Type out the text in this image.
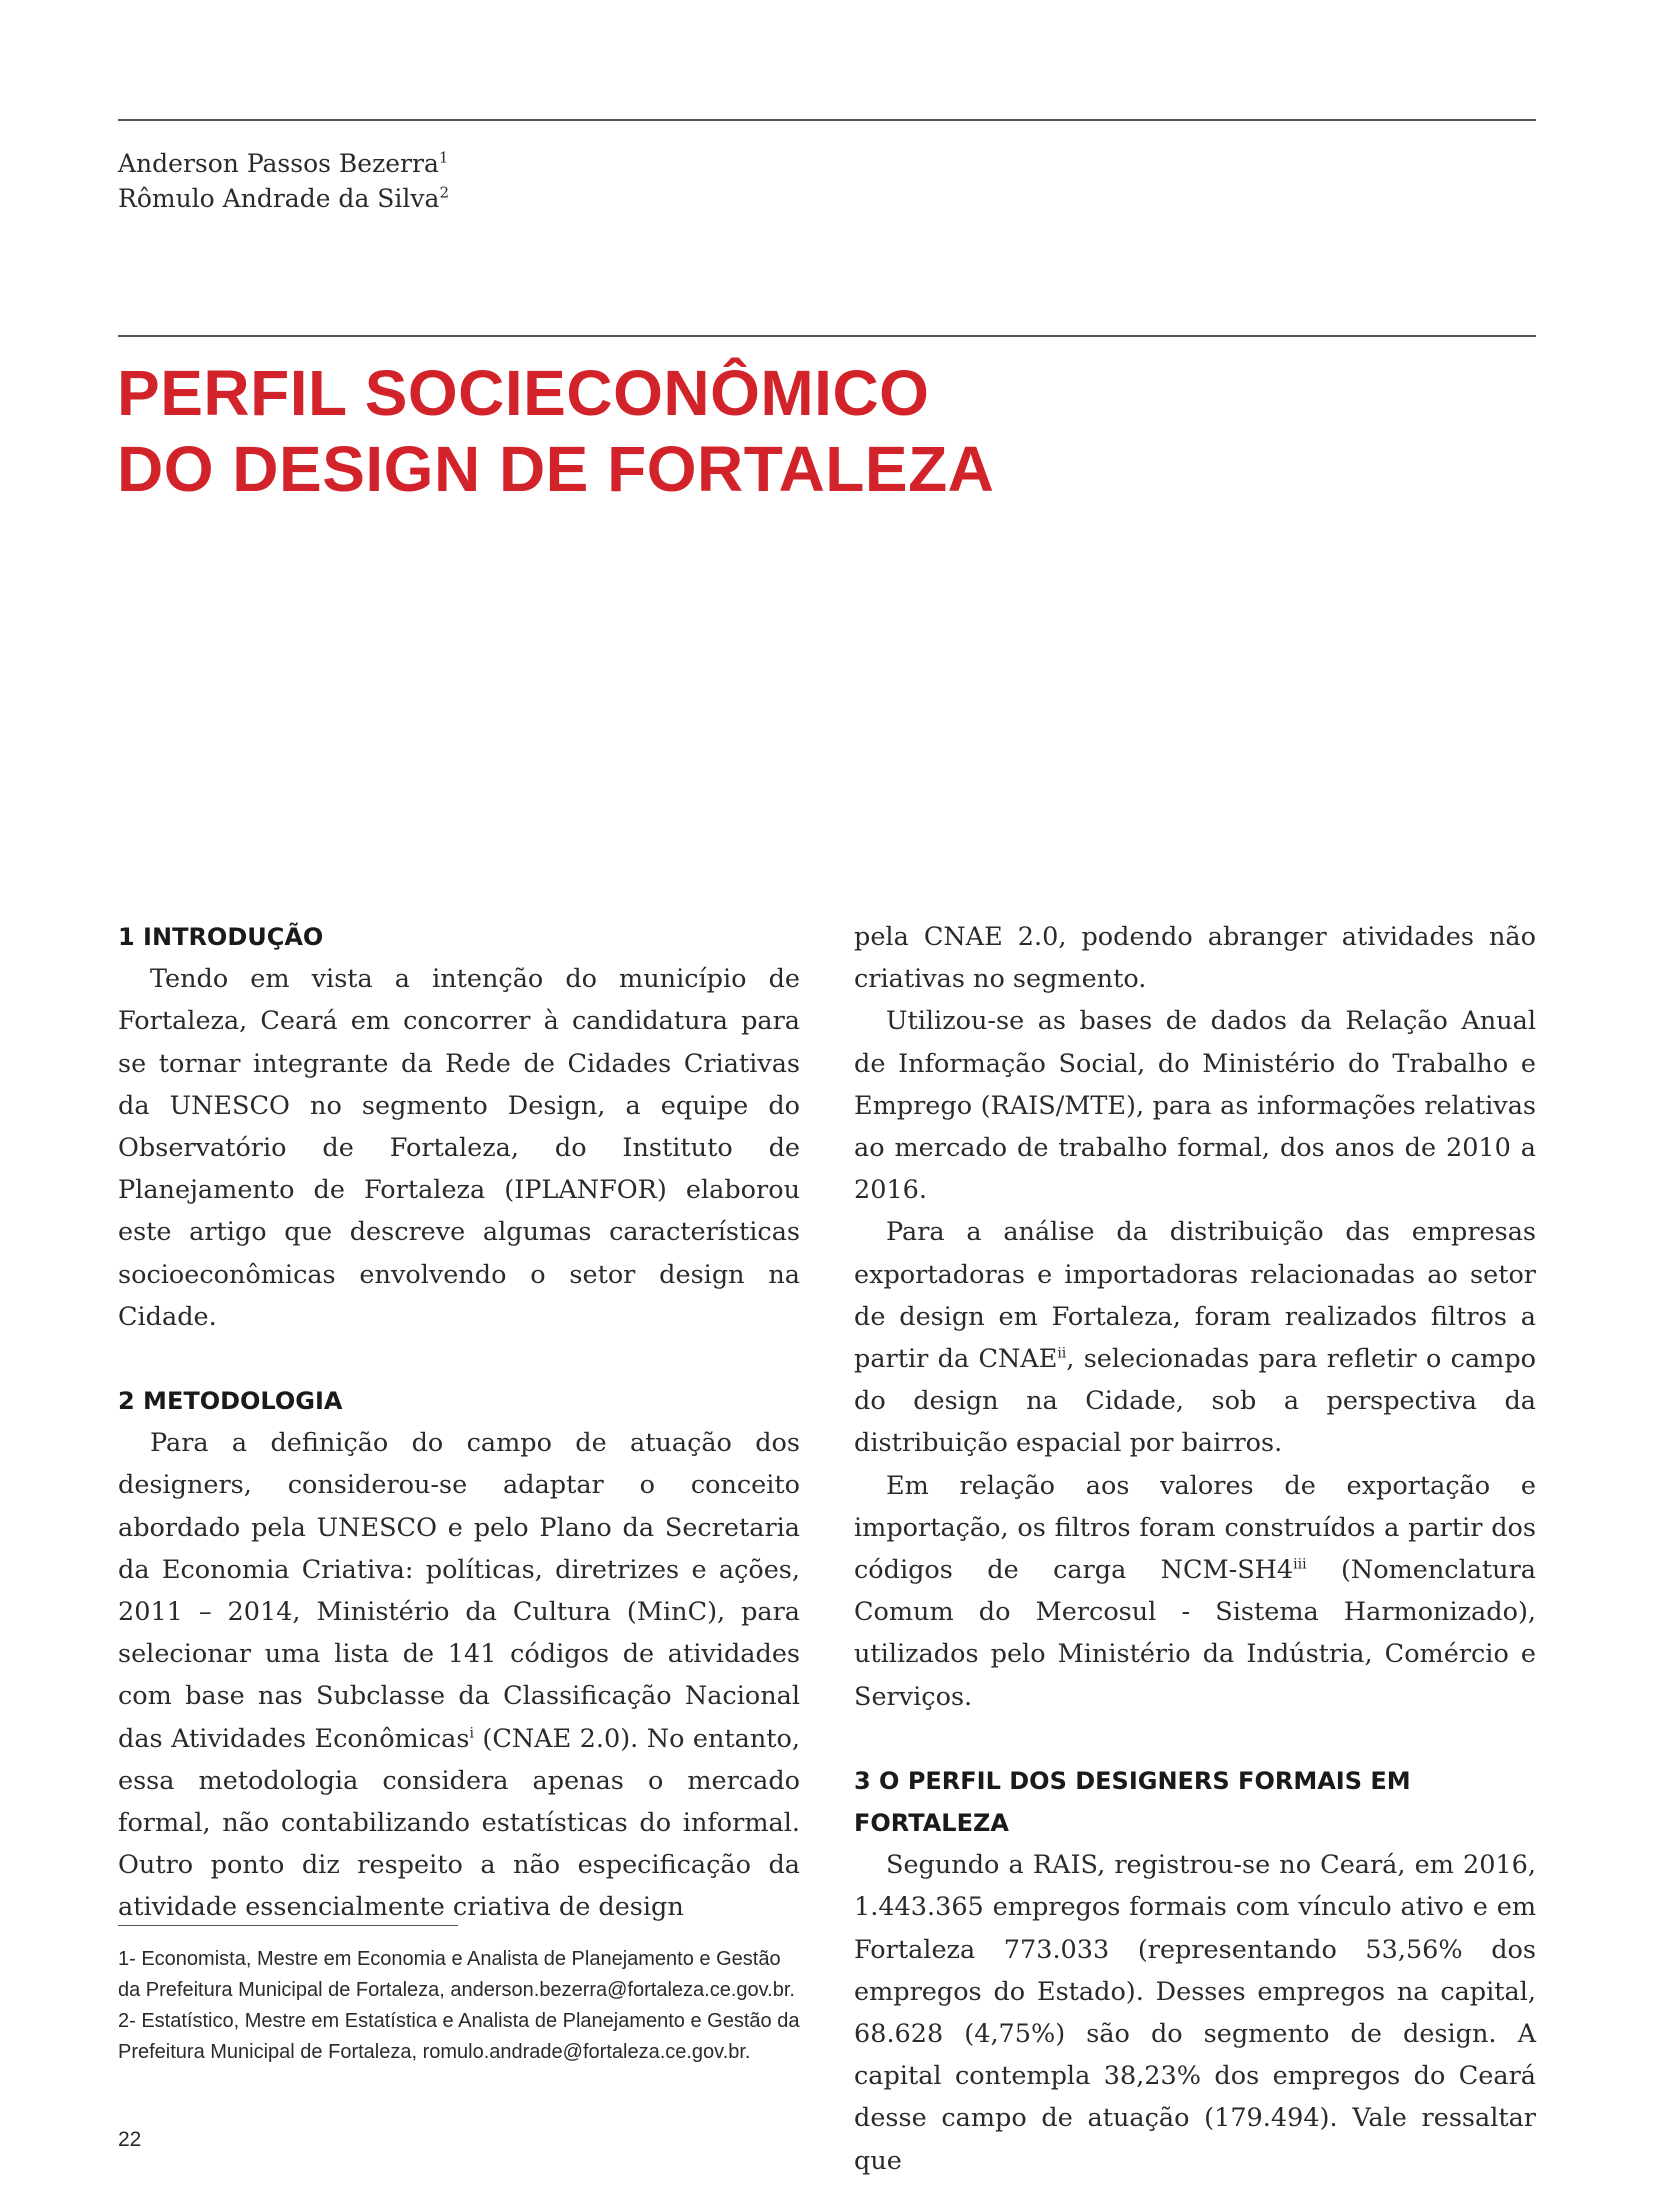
Anderson Passos Bezerra$^1$
Rômulo Andrade da Silva$^2$
PERFIL SOCIECONÔMICO
DO DESIGN DE FORTALEZA
1 INTRODUÇÃO

Tendo em vista a intenção do município de Fortaleza, Ceará em concorrer à candidatura para se tornar integrante da Rede de Cidades Criativas da UNESCO no segmento Design, a equipe do Observatório de Fortaleza, do Instituto de Planejamento de Fortaleza (IPLANFOR) elaborou este artigo que descreve algumas características socioeconômicas envolvendo o setor design na Cidade.

2 METODOLOGIA

Para a definição do campo de atuação dos designers, considerou-se adaptar o conceito abordado pela UNESCO e pelo Plano da Secretaria da Economia Criativa: políticas, diretrizes e ações, 2011 – 2014, Ministério da Cultura (MinC), para selecionar uma lista de 141 códigos de atividades com base nas Subclasse da Classificação Nacional das Atividades Econômicas$^i$ (CNAE 2.0). No entanto, essa metodologia considera apenas o mercado formal, não contabilizando estatísticas do informal. Outro ponto diz respeito a não especificação da atividade essencialmente criativa de design

pela CNAE 2.0, podendo abranger atividades não criativas no segmento.

Utilizou-se as bases de dados da Relação Anual de Informação Social, do Ministério do Trabalho e Emprego (RAIS/MTE), para as informações relativas ao mercado de trabalho formal, dos anos de 2010 a 2016.

Para a análise da distribuição das empresas exportadoras e importadoras relacionadas ao setor de design em Fortaleza, foram realizados filtros a partir da CNAE$^{ii}$, selecionadas para refletir o campo do design na Cidade, sob a perspectiva da distribuição espacial por bairros.

Em relação aos valores de exportação e importação, os filtros foram construídos a partir dos códigos de carga NCM-SH4$^{iii}$ (Nomenclatura Comum do Mercosul - Sistema Harmonizado), utilizados pelo Ministério da Indústria, Comércio e Serviços.

3 O PERFIL DOS DESIGNERS FORMAIS EM
FORTALEZA

Segundo a RAIS, registrou-se no Ceará, em 2016, 1.443.365 empregos formais com vínculo ativo e em Fortaleza 773.033 (representando 53,56% dos empregos do Estado). Desses empregos na capital, 68.628 (4,75%) são do segmento de design. A capital contempla 38,23% dos empregos do Ceará desse campo de atuação (179.494). Vale ressaltar que

1- Economista, Mestre em Economia e Analista de Planejamento e Gestão da Prefeitura Municipal de Fortaleza, anderson.bezerra@fortaleza.ce.gov.br.

2- Estatístico, Mestre em Estatística e Analista de Planejamento e Gestão da Prefeitura Municipal de Fortaleza, romulo.andrade@fortaleza.ce.gov.br.

22
